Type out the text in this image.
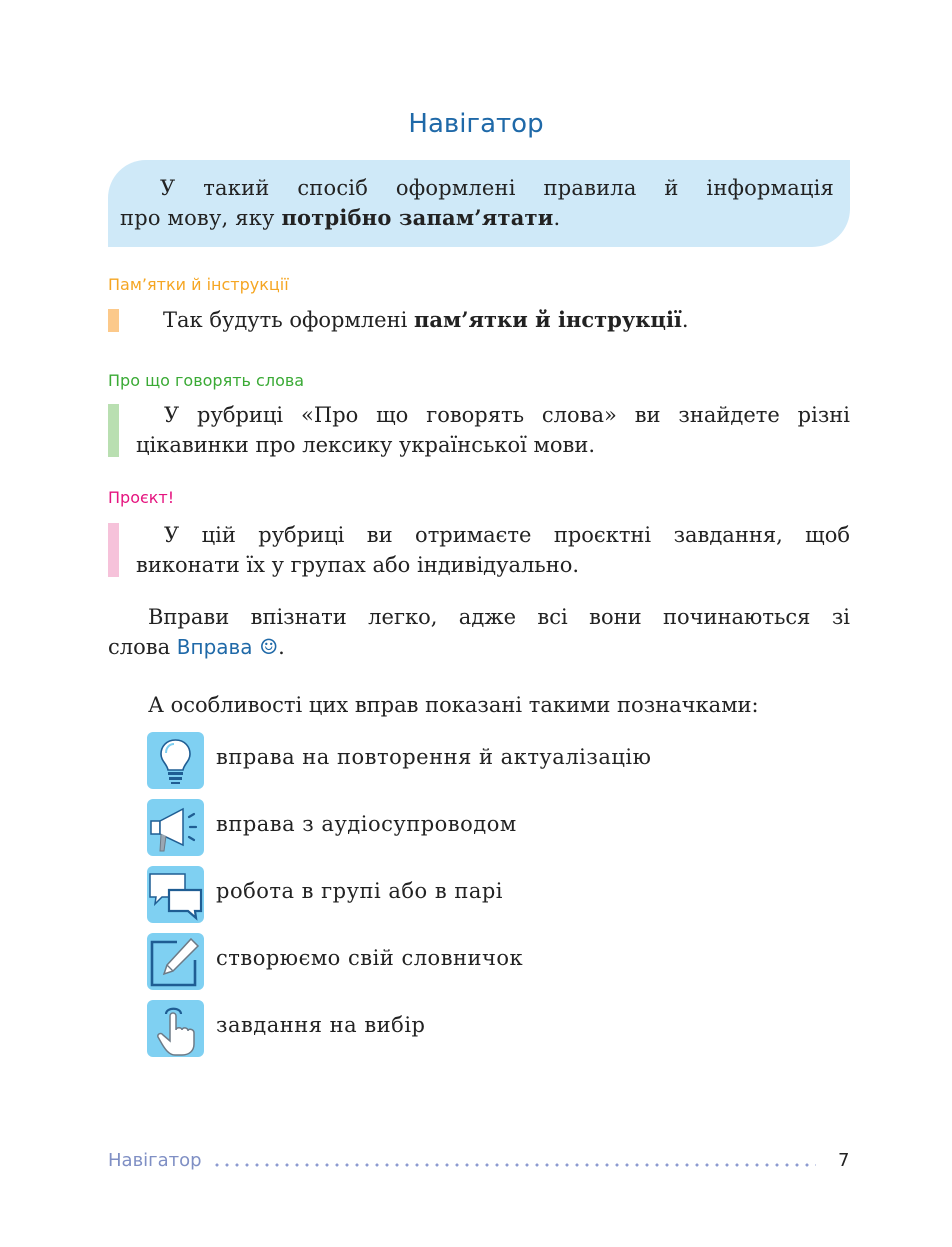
Навігатор
У такий спосіб оформлені правила й інформація
про мову, яку потрібно запам’ятати.
Пам’ятки й інструкції
Так будуть оформлені пам’ятки й інструкції.
Про що говорять слова
У рубриці «Про що говорять слова» ви знайдете різні
цікавинки про лексику української мови.
Проєкт!
У цій рубриці ви отримаєте проєктні завдання, щоб
виконати їх у групах або індивідуально.
Вправи впізнати легко, адже всі вони починаються зі
слова Вправа ☺.
А особливості цих вправ показані такими позначками:
вправа на повторення й актуалізацію
вправа з аудіосупроводом
робота в групі або в парі
створюємо свій словничок
завдання на вибір
Навігатор	7
